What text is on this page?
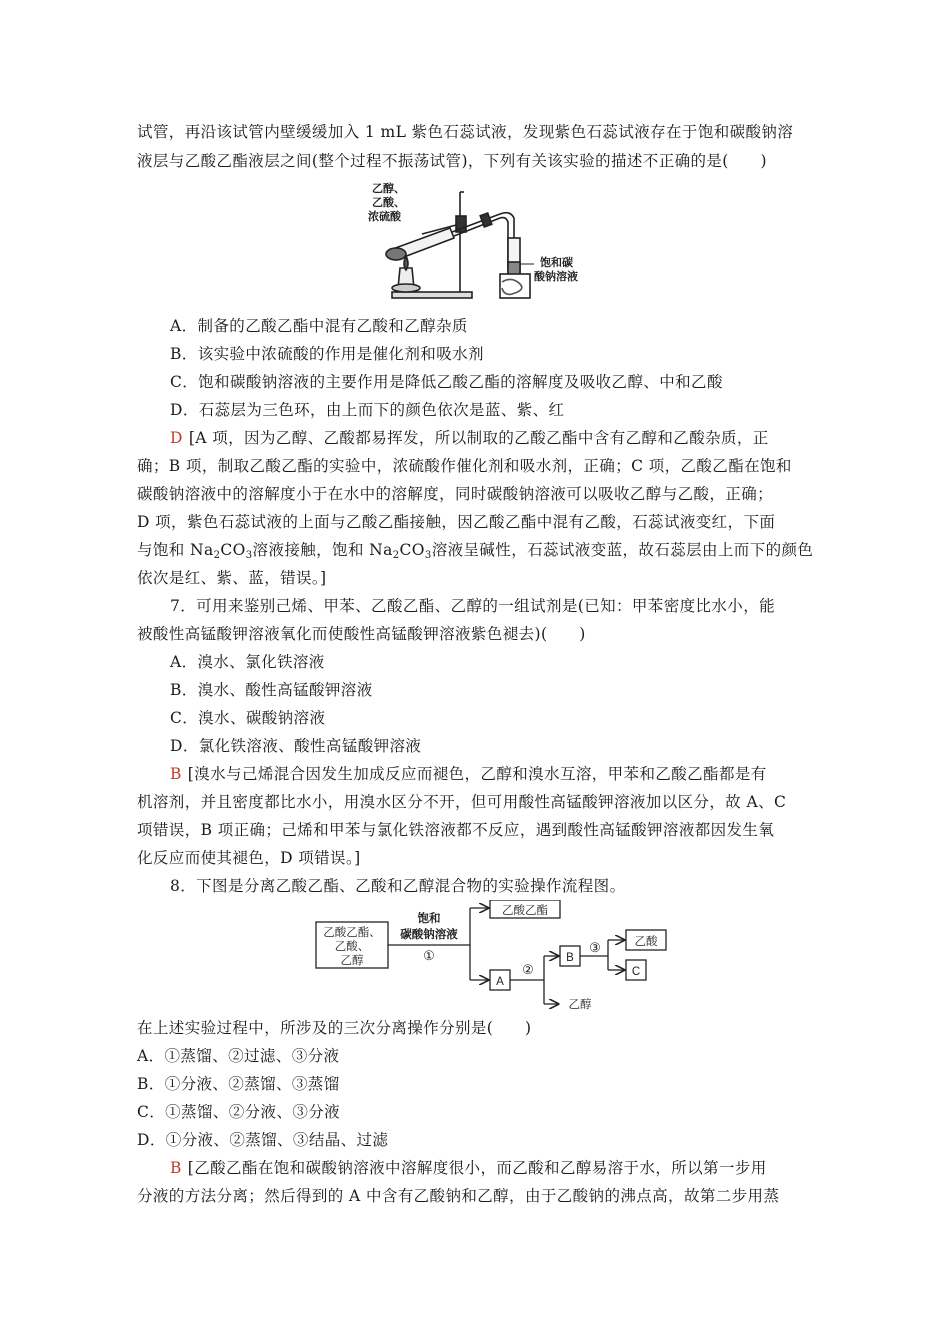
试管，再沿该试管内壁缓缓加入 1 mL 紫色石蕊试液，发现紫色石蕊试液存在于饱和碳酸钠溶
液层与乙酸乙酯液层之间(整个过程不振荡试管)，下列有关该实验的描述不正确的是(　　)
乙醇、
乙酸、
浓硫酸
饱和碳
酸钠溶液
A．制备的乙酸乙酯中混有乙酸和乙醇杂质
B．该实验中浓硫酸的作用是催化剂和吸水剂
C．饱和碳酸钠溶液的主要作用是降低乙酸乙酯的溶解度及吸收乙醇、中和乙酸
D．石蕊层为三色环，由上而下的颜色依次是蓝、紫、红
D [A 项，因为乙醇、乙酸都易挥发，所以制取的乙酸乙酯中含有乙醇和乙酸杂质，正
确；B 项，制取乙酸乙酯的实验中，浓硫酸作催化剂和吸水剂，正确；C 项，乙酸乙酯在饱和
碳酸钠溶液中的溶解度小于在水中的溶解度，同时碳酸钠溶液可以吸收乙醇与乙酸，正确；
D 项，紫色石蕊试液的上面与乙酸乙酯接触，因乙酸乙酯中混有乙酸，石蕊试液变红，下面
与饱和 $Na_2CO_3$溶液接触，饱和 $Na_2CO_3$溶液呈碱性，石蕊试液变蓝，故石蕊层由上而下的颜色
依次是红、紫、蓝，错误。]
7．可用来鉴别己烯、甲苯、乙酸乙酯、乙醇的一组试剂是(已知：甲苯密度比水小，能
被酸性高锰酸钾溶液氧化而使酸性高锰酸钾溶液紫色褪去)(　　)
A．溴水、氯化铁溶液
B．溴水、酸性高锰酸钾溶液
C．溴水、碳酸钠溶液
D．氯化铁溶液、酸性高锰酸钾溶液
B [溴水与己烯混合因发生加成反应而褪色，乙醇和溴水互溶，甲苯和乙酸乙酯都是有
机溶剂，并且密度都比水小，用溴水区分不开，但可用酸性高锰酸钾溶液加以区分，故 A、C
项错误，B 项正确；己烯和甲苯与氯化铁溶液都不反应，遇到酸性高锰酸钾溶液都因发生氧
化反应而使其褪色，D 项错误。]
8．下图是分离乙酸乙酯、乙酸和乙醇混合物的实验操作流程图。
乙酸乙酯、
乙酸、
乙醇
饱和
碳酸钠溶液
①
乙酸乙酯
A
②
B
③	乙酸
C
乙醇
在上述实验过程中，所涉及的三次分离操作分别是(　　)
A．①蒸馏、②过滤、③分液
B．①分液、②蒸馏、③蒸馏
C．①蒸馏、②分液、③分液
D．①分液、②蒸馏、③结晶、过滤
B [乙酸乙酯在饱和碳酸钠溶液中溶解度很小，而乙酸和乙醇易溶于水，所以第一步用
分液的方法分离；然后得到的 A 中含有乙酸钠和乙醇，由于乙酸钠的沸点高，故第二步用蒸
